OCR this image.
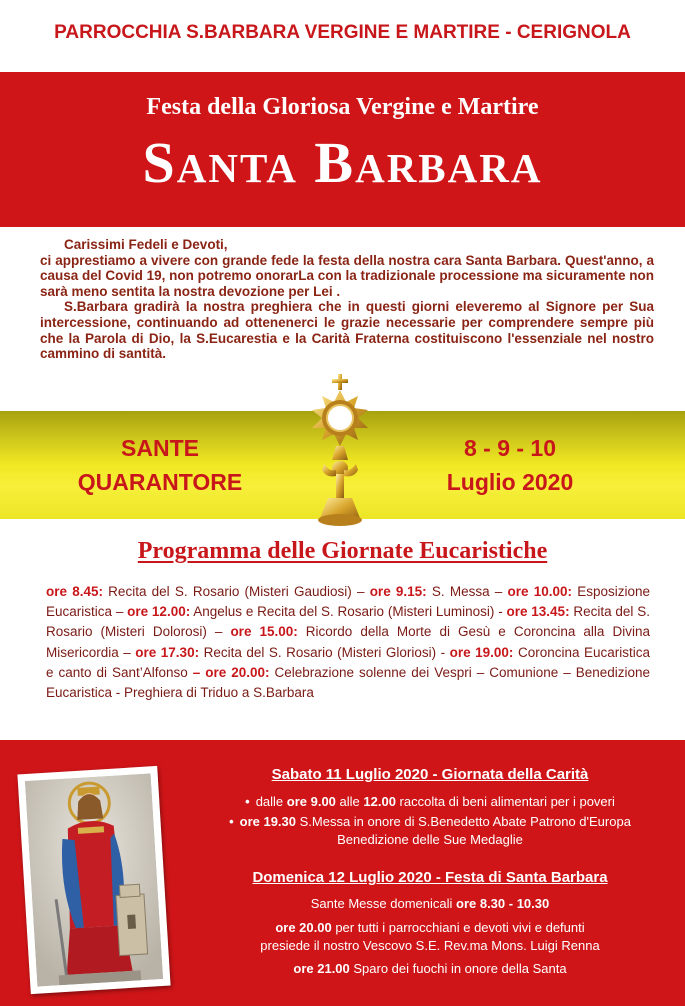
PARROCCHIA S.BARBARA VERGINE E MARTIRE - CERIGNOLA
Festa della Gloriosa Vergine e Martire
Santa Barbara

Carissimi Fedeli e Devoti,

ci apprestiamo a vivere con grande fede la festa della nostra cara Santa Barbara. Quest'anno, a causa del Covid 19, non potremo onorarLa con la tradizionale processione ma sicuramente non sarà meno sentita la nostra devozione per Lei .

S.Barbara gradirà la nostra preghiera che in questi giorni eleveremo al Signore per Sua intercessione, continuando ad ottenenerci le grazie necessarie per comprendere sempre più che la Parola di Dio, la S.Eucarestia e la Carità Fraterna costituiscono l'essenziale nel nostro cammino di santità.

SANTE
QUARANTORE
8 - 9 - 10
Luglio 2020
Programma delle Giornate Eucaristiche
ore 8.45: Recita del S. Rosario (Misteri Gaudiosi) – ore 9.15: S. Messa – ore 10.00: Esposizione Eucaristica – ore 12.00: Angelus e Recita del S. Rosario (Misteri Luminosi) - ore 13.45: Recita del S. Rosario (Misteri Dolorosi) – ore 15.00: Ricordo della Morte di Gesù e Coroncina alla Divina Misericordia – ore 17.30: Recita del S. Rosario (Misteri Gloriosi) - ore 19.00: Coroncina Eucaristica e canto di Sant’Alfonso – ore 20.00: Celebrazione solenne dei Vespri – Comunione – Benedizione Eucaristica - Preghiera di Triduo a S.Barbara
Sabato 11 Luglio 2020 - Giornata della Carità
• dalle ore 9.00 alle 12.00 raccolta di beni alimentari per i poveri
• ore 19.30 S.Messa in onore di S.Benedetto Abate Patrono d'Europa
Benedizione delle Sue Medaglie
Domenica 12 Luglio 2020 - Festa di Santa Barbara
Sante Messe domenicali ore 8.30 - 10.30
ore 20.00 per tutti i parrocchiani e devoti vivi e defunti
presiede il nostro Vescovo S.E. Rev.ma Mons. Luigi Renna
ore 21.00 Sparo dei fuochi in onore della Santa
